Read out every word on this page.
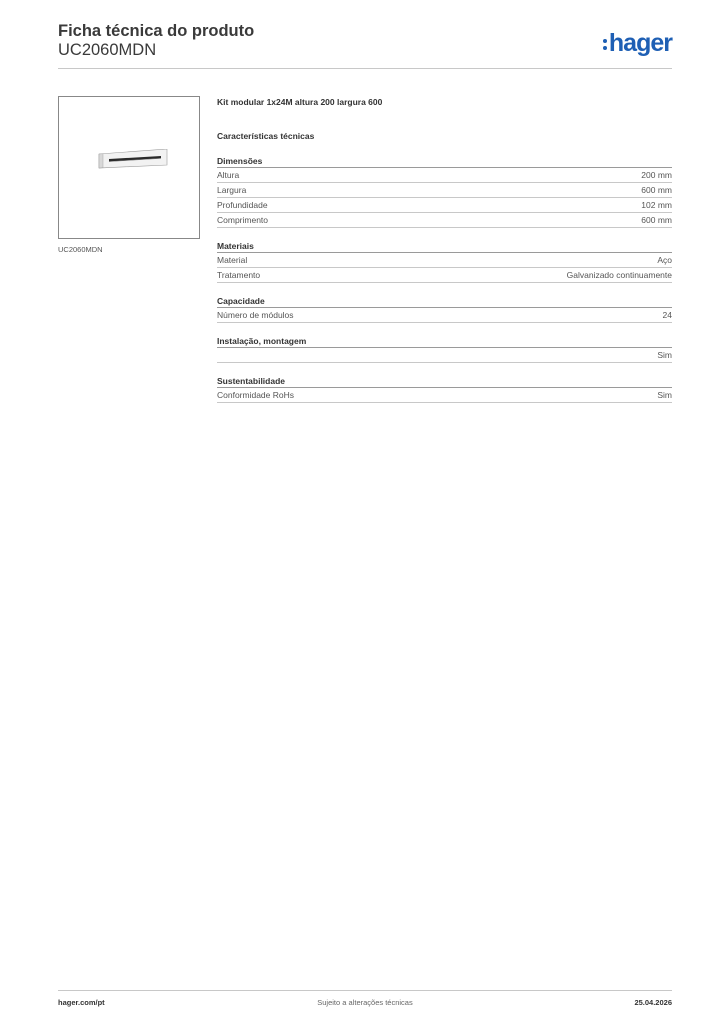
Ficha técnica do produto
UC2060MDN	hager
UC2060MDN
Kit modular 1x24M altura 200 largura 600
Características técnicas
Dimensões
Altura	200 mm
Largura	600 mm
Profundidade	102 mm
Comprimento	600 mm
Materiais
Material	Aço
Tratamento	Galvanizado continuamente
Capacidade
Número de módulos	24
Instalação, montagem
Sim
Sustentabilidade
Conformidade RoHs	Sim
Sujeito a alterações técnicas
hager.com/pt	25.04.2026
